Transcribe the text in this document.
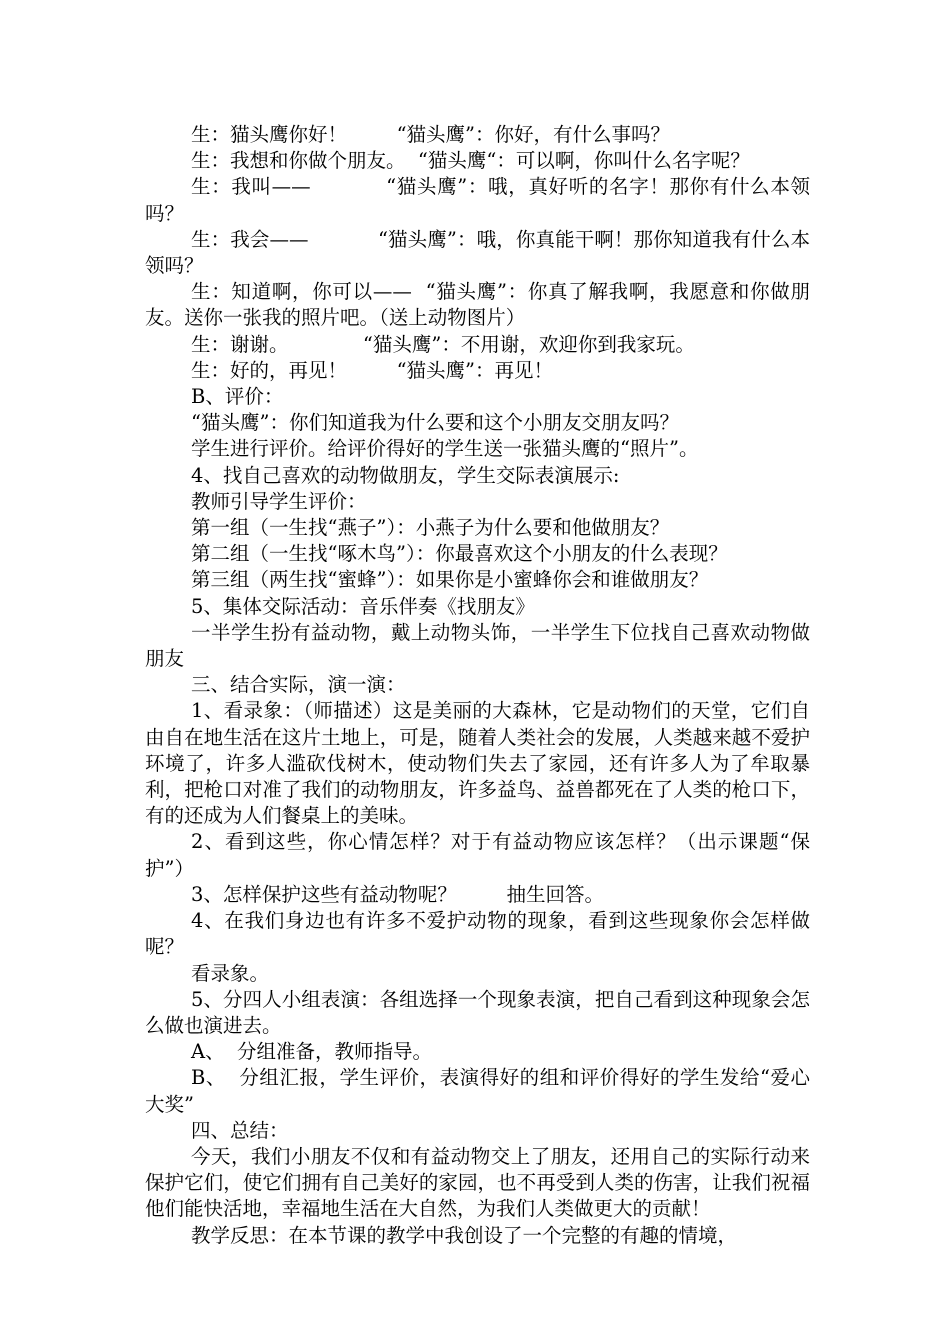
生：猫头鹰你好！        “猫头鹰”：你好，有什么事吗？

生：我想和你做个朋友。  “猫头鹰“：可以啊，你叫什么名字呢？

生：我叫——           “猫头鹰”：哦，真好听的名字！那你有什么本领吗？

生：我会——           “猫头鹰”：哦，你真能干啊！那你知道我有什么本领吗？

生：知道啊，你可以——  “猫头鹰”：你真了解我啊，我愿意和你做朋友。送你一张我的照片吧。（送上动物图片）

生：谢谢。            “猫头鹰”：不用谢，欢迎你到我家玩。

生：好的，再见！        “猫头鹰”：再见！

B、评价：

“猫头鹰”：你们知道我为什么要和这个小朋友交朋友吗？

学生进行评价。给评价得好的学生送一张猫头鹰的“照片”。

4、找自己喜欢的动物做朋友，学生交际表演展示:

教师引导学生评价：

第一组（一生找“燕子”）：小燕子为什么要和他做朋友？

第二组（一生找“啄木鸟”）：你最喜欢这个小朋友的什么表现？

第三组（两生找“蜜蜂”）：如果你是小蜜蜂你会和谁做朋友？

5、集体交际活动：音乐伴奏《找朋友》

一半学生扮有益动物，戴上动物头饰，一半学生下位找自己喜欢动物做朋友

三、结合实际，演一演：

1、看录象：（师描述）这是美丽的大森林，它是动物们的天堂，它们自由自在地生活在这片土地上，可是，随着人类社会的发展，人类越来越不爱护环境了，许多人滥砍伐树木，使动物们失去了家园，还有许多人为了牟取暴利，把枪口对准了我们的动物朋友，许多益鸟、益兽都死在了人类的枪口下，有的还成为人们餐桌上的美味。

2、看到这些，你心情怎样？对于有益动物应该怎样？（出示课题“保护”）

3、怎样保护这些有益动物呢？        抽生回答。

4、在我们身边也有许多不爱护动物的现象，看到这些现象你会怎样做呢？

看录象。

5、分四人小组表演：各组选择一个现象表演，把自己看到这种现象会怎么做也演进去。

A、  分组准备，教师指导。

B、  分组汇报，学生评价，表演得好的组和评价得好的学生发给“爱心大奖”

四、总结：

今天，我们小朋友不仅和有益动物交上了朋友，还用自己的实际行动来保护它们，使它们拥有自己美好的家园，也不再受到人类的伤害，让我们祝福他们能快活地，幸福地生活在大自然，为我们人类做更大的贡献！

教学反思：在本节课的教学中我创设了一个完整的有趣的情境，
